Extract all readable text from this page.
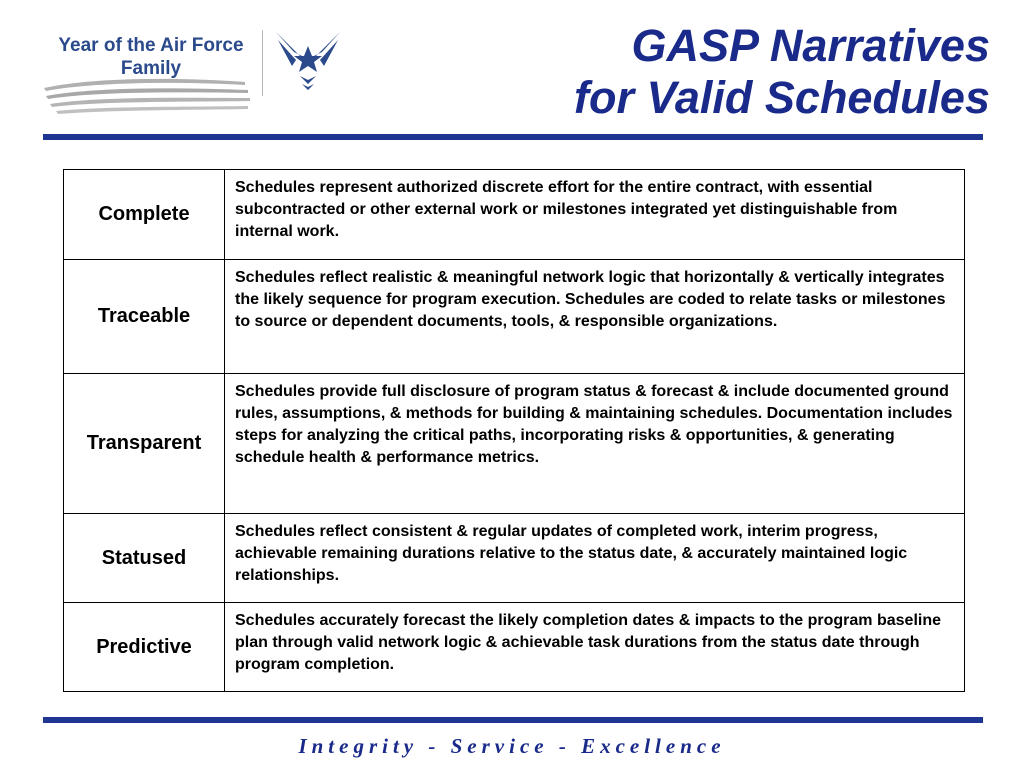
Year of the Air Force
Family	GASP Narratives
for Valid Schedules
Complete	Schedules represent authorized discrete effort for the entire contract, with essential subcontracted or other external work or milestones integrated yet distinguishable from internal work.
Traceable	Schedules reflect realistic & meaningful network logic that horizontally & vertically integrates the likely sequence for program execution. Schedules are coded to relate tasks or milestones to source or dependent documents, tools, & responsible organizations.
Transparent	Schedules provide full disclosure of program status & forecast & include documented ground rules, assumptions, & methods for building & maintaining schedules. Documentation includes steps for analyzing the critical paths, incorporating risks & opportunities, & generating schedule health & performance metrics.
Statused	Schedules reflect consistent & regular updates of completed work, interim progress, achievable remaining durations relative to the status date, & accurately maintained logic relationships.
Predictive	Schedules accurately forecast the likely completion dates & impacts to the program baseline plan through valid network logic & achievable task durations from the status date through program completion.
Integrity - Service - Excellence
